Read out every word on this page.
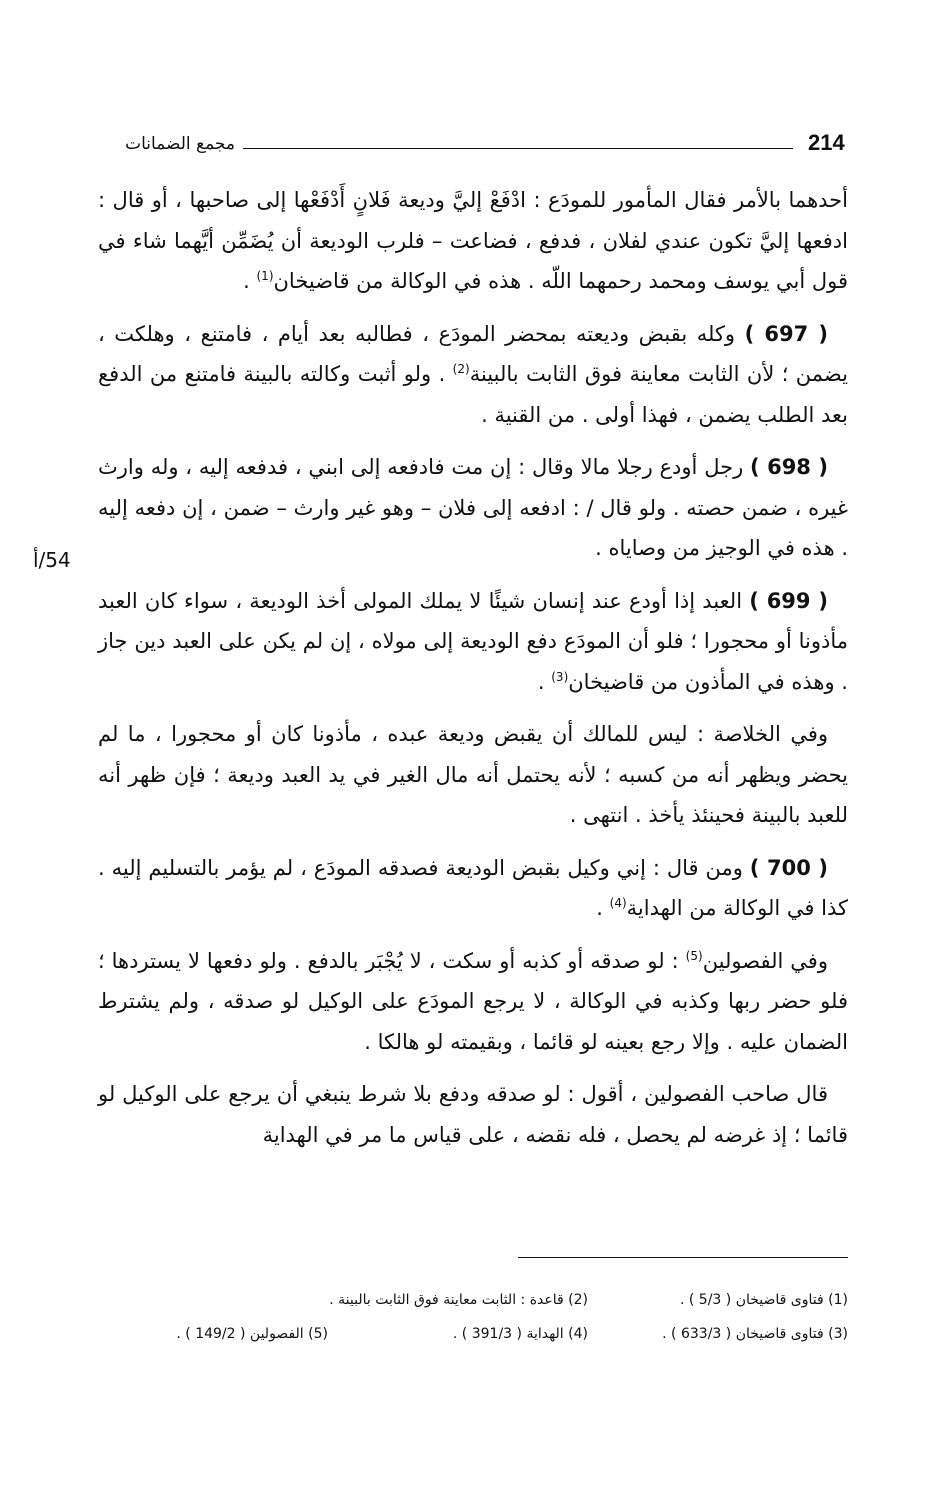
214
مجمع الضمانات
54/أ

أحدهما بالأمر فقال المأمور للمودَع : ادْفَعْ إليَّ وديعة فَلانٍ أَدْفَعْها إلى صاحبها ، أو قال : ادفعها إليَّ تكون عندي لفلان ، فدفع ، فضاعت – فلرب الوديعة أن يُضَمِّن أيَّهما شاء في قول أبي يوسف ومحمد رحمهما اللّه . هذه في الوكالة من قاضيخان$^{(1)}$ .

( 697 ) وكله بقبض وديعته بمحضر المودَع ، فطالبه بعد أيام ، فامتنع ، وهلكت ، يضمن ؛ لأن الثابت معاينة فوق الثابت بالبينة$^{(2)}$ . ولو أثبت وكالته بالبينة فامتنع من الدفع بعد الطلب يضمن ، فهذا أولى . من القنية .

( 698 ) رجل أودع رجلا مالا وقال : إن مت فادفعه إلى ابني ، فدفعه إليه ، وله وارث غيره ، ضمن حصته . ولو قال / : ادفعه إلى فلان – وهو غير وارث – ضمن ، إن دفعه إليه . هذه في الوجيز من وصاياه .

( 699 ) العبد إذا أودع عند إنسان شيئًا لا يملك المولى أخذ الوديعة ، سواء كان العبد مأذونا أو محجورا ؛ فلو أن المودَع دفع الوديعة إلى مولاه ، إن لم يكن على العبد دين جاز . وهذه في المأذون من قاضيخان$^{(3)}$ .

وفي الخلاصة : ليس للمالك أن يقبض وديعة عبده ، مأذونا كان أو محجورا ، ما لم يحضر ويظهر أنه من كسبه ؛ لأنه يحتمل أنه مال الغير في يد العبد وديعة ؛ فإن ظهر أنه للعبد بالبينة فحينئذ يأخذ . انتهى .

( 700 ) ومن قال : إني وكيل بقبض الوديعة فصدقه المودَع ، لم يؤمر بالتسليم إليه . كذا في الوكالة من الهداية$^{(4)}$ .

وفي الفصولين$^{(5)}$ : لو صدقه أو كذبه أو سكت ، لا يُجْبَر بالدفع . ولو دفعها لا يستردها ؛ فلو حضر ربها وكذبه في الوكالة ، لا يرجع المودَع على الوكيل لو صدقه ، ولم يشترط الضمان عليه . وإلا رجع بعينه لو قائما ، وبقيمته لو هالكا .

قال صاحب الفصولين ، أقول : لو صدقه ودفع بلا شرط ينبغي أن يرجع على الوكيل لو قائما ؛ إذ غرضه لم يحصل ، فله نقضه ، على قياس ما مر في الهداية

(1) فتاوى قاضيخان ( 5/3 ) .
(2) قاعدة : الثابت معاينة فوق الثابت بالبينة .
(3) فتاوى قاضيخان ( 633/3 ) .
(4) الهداية ( 391/3 ) .
(5) الفصولين ( 149/2 ) .
